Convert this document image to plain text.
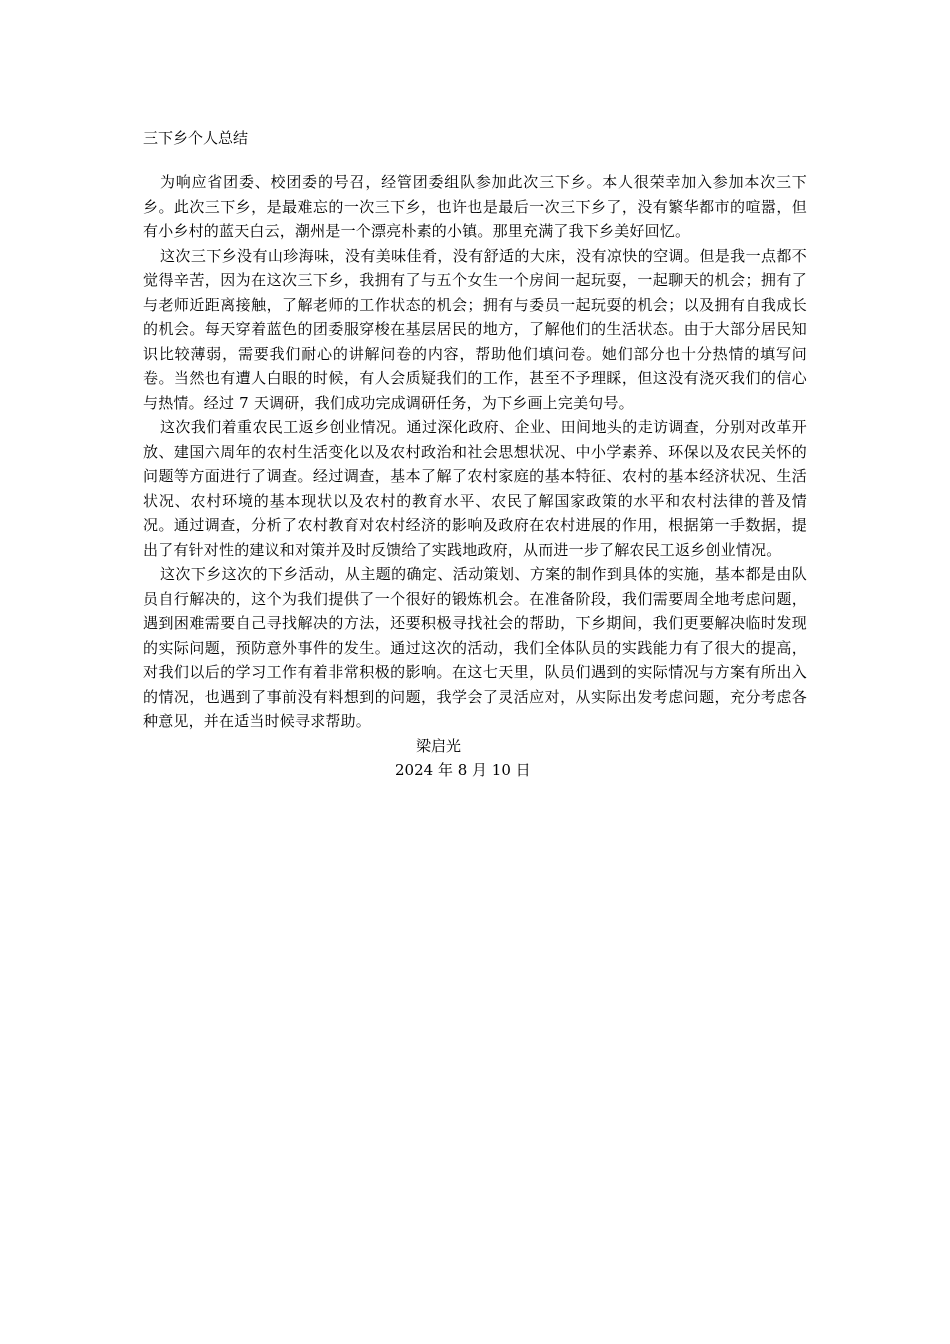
三下乡个人总结

为响应省团委、校团委的号召，经管团委组队参加此次三下乡。本人很荣幸加入参加本次三下乡。此次三下乡，是最难忘的一次三下乡，也许也是最后一次三下乡了，没有繁华都市的喧嚣，但有小乡村的蓝天白云，潮州是一个漂亮朴素的小镇。那里充满了我下乡美好回忆。

这次三下乡没有山珍海味，没有美味佳肴，没有舒适的大床，没有凉快的空调。但是我一点都不觉得辛苦，因为在这次三下乡，我拥有了与五个女生一个房间一起玩耍，一起聊天的机会；拥有了与老师近距离接触，了解老师的工作状态的机会；拥有与委员一起玩耍的机会；以及拥有自我成长的机会。每天穿着蓝色的团委服穿梭在基层居民的地方，了解他们的生活状态。由于大部分居民知识比较薄弱，需要我们耐心的讲解问卷的内容，帮助他们填问卷。她们部分也十分热情的填写问卷。当然也有遭人白眼的时候，有人会质疑我们的工作，甚至不予理睬，但这没有浇灭我们的信心与热情。经过 7 天调研，我们成功完成调研任务，为下乡画上完美句号。

这次我们着重农民工返乡创业情况。通过深化政府、企业、田间地头的走访调查，分别对改革开放、建国六周年的农村生活变化以及农村政治和社会思想状况、中小学素养、环保以及农民关怀的问题等方面进行了调查。经过调查，基本了解了农村家庭的基本特征、农村的基本经济状况、生活状况、农村环境的基本现状以及农村的教育水平、农民了解国家政策的水平和农村法律的普及情况。通过调查，分析了农村教育对农村经济的影响及政府在农村进展的作用，根据第一手数据，提出了有针对性的建议和对策并及时反馈给了实践地政府，从而进一步了解农民工返乡创业情况。

这次下乡这次的下乡活动，从主题的确定、活动策划、方案的制作到具体的实施，基本都是由队员自行解决的，这个为我们提供了一个很好的锻炼机会。在准备阶段，我们需要周全地考虑问题，遇到困难需要自己寻找解决的方法，还要积极寻找社会的帮助，下乡期间，我们更要解决临时发现的实际问题，预防意外事件的发生。通过这次的活动，我们全体队员的实践能力有了很大的提高，对我们以后的学习工作有着非常积极的影响。在这七天里，队员们遇到的实际情况与方案有所出入的情况，也遇到了事前没有料想到的问题，我学会了灵活应对，从实际出发考虑问题，充分考虑各种意见，并在适当时候寻求帮助。

梁启光

2024 年 8 月 10 日
